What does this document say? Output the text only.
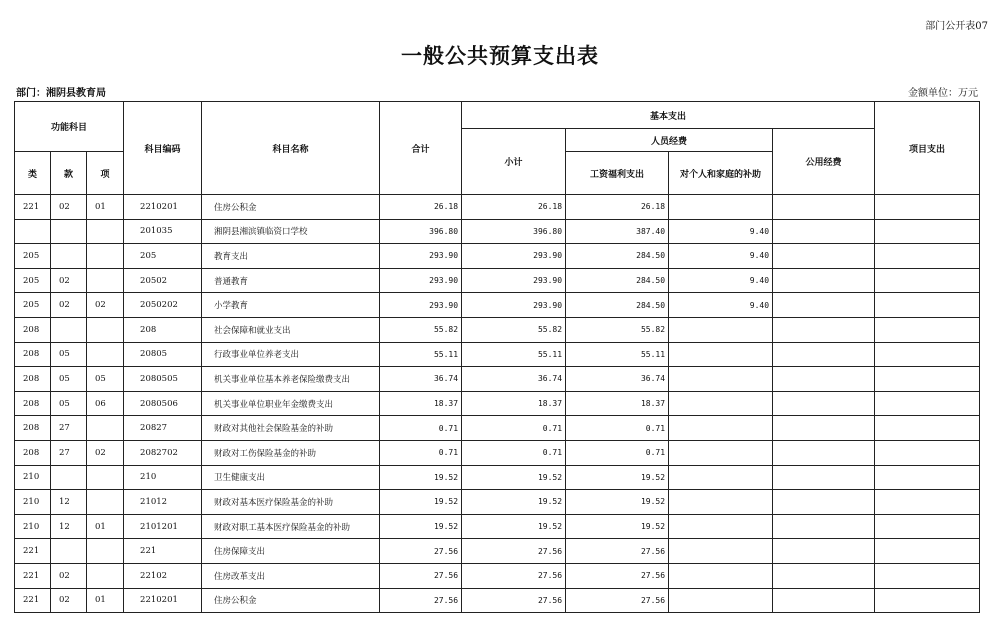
部门公开表07
一般公共预算支出表
部门：湘阴县教育局	金额单位：万元
功能科目			科目编码	科目名称	合计	基本支出				项目支出
						小计	人员经费		公用经费	
类	款	项					工资福利支出	对个人和家庭的补助		
221	02	01	2210201	住房公积金	26.18	26.18	26.18			
			201035	湘阴县湘滨镇临资口学校	396.80	396.80	387.40	9.40		
205			205	教育支出	293.90	293.90	284.50	9.40		
205	02		20502	普通教育	293.90	293.90	284.50	9.40		
205	02	02	2050202	小学教育	293.90	293.90	284.50	9.40		
208			208	社会保障和就业支出	55.82	55.82	55.82			
208	05		20805	行政事业单位养老支出	55.11	55.11	55.11			
208	05	05	2080505	机关事业单位基本养老保险缴费支出	36.74	36.74	36.74			
208	05	06	2080506	机关事业单位职业年金缴费支出	18.37	18.37	18.37			
208	27		20827	财政对其他社会保险基金的补助	0.71	0.71	0.71			
208	27	02	2082702	财政对工伤保险基金的补助	0.71	0.71	0.71			
210			210	卫生健康支出	19.52	19.52	19.52			
210	12		21012	财政对基本医疗保险基金的补助	19.52	19.52	19.52			
210	12	01	2101201	财政对职工基本医疗保险基金的补助	19.52	19.52	19.52			
221			221	住房保障支出	27.56	27.56	27.56			
221	02		22102	住房改革支出	27.56	27.56	27.56			
221	02	01	2210201	住房公积金	27.56	27.56	27.56			
